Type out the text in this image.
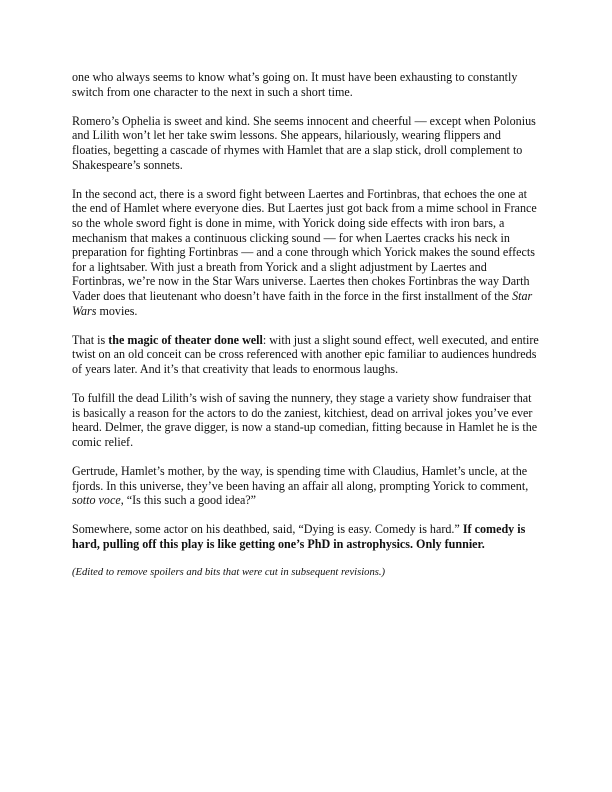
one who always seems to know what’s going on. It must have been exhausting to constantly switch from one character to the next in such a short time.

Romero’s Ophelia is sweet and kind. She seems innocent and cheerful — except when Polonius and Lilith won’t let her take swim lessons. She appears, hilariously, wearing flippers and floaties, begetting a cascade of rhymes with Hamlet that are a slap stick, droll complement to Shakespeare’s sonnets.

In the second act, there is a sword fight between Laertes and Fortinbras, that echoes the one at the end of Hamlet where everyone dies. But Laertes just got back from a mime school in France so the whole sword fight is done in mime, with Yorick doing side effects with iron bars, a mechanism that makes a continuous clicking sound — for when Laertes cracks his neck in preparation for fighting Fortinbras — and a cone through which Yorick makes the sound effects for a lightsaber. With just a breath from Yorick and a slight adjustment by Laertes and Fortinbras, we’re now in the Star Wars universe. Laertes then chokes Fortinbras the way Darth Vader does that lieutenant who doesn’t have faith in the force in the first installment of the Star Wars movies.

That is the magic of theater done well: with just a slight sound effect, well executed, and entire twist on an old conceit can be cross referenced with another epic familiar to audiences hundreds of years later. And it’s that creativity that leads to enormous laughs.

To fulfill the dead Lilith’s wish of saving the nunnery, they stage a variety show fundraiser that is basically a reason for the actors to do the zaniest, kitchiest, dead on arrival jokes you’ve ever heard. Delmer, the grave digger, is now a stand-up comedian, fitting because in Hamlet he is the comic relief.

Gertrude, Hamlet’s mother, by the way, is spending time with Claudius, Hamlet’s uncle, at the fjords. In this universe, they’ve been having an affair all along, prompting Yorick to comment, sotto voce, “Is this such a good idea?”

Somewhere, some actor on his deathbed, said, “Dying is easy. Comedy is hard.” If comedy is hard, pulling off this play is like getting one’s PhD in astrophysics. Only funnier.

(Edited to remove spoilers and bits that were cut in subsequent revisions.)
